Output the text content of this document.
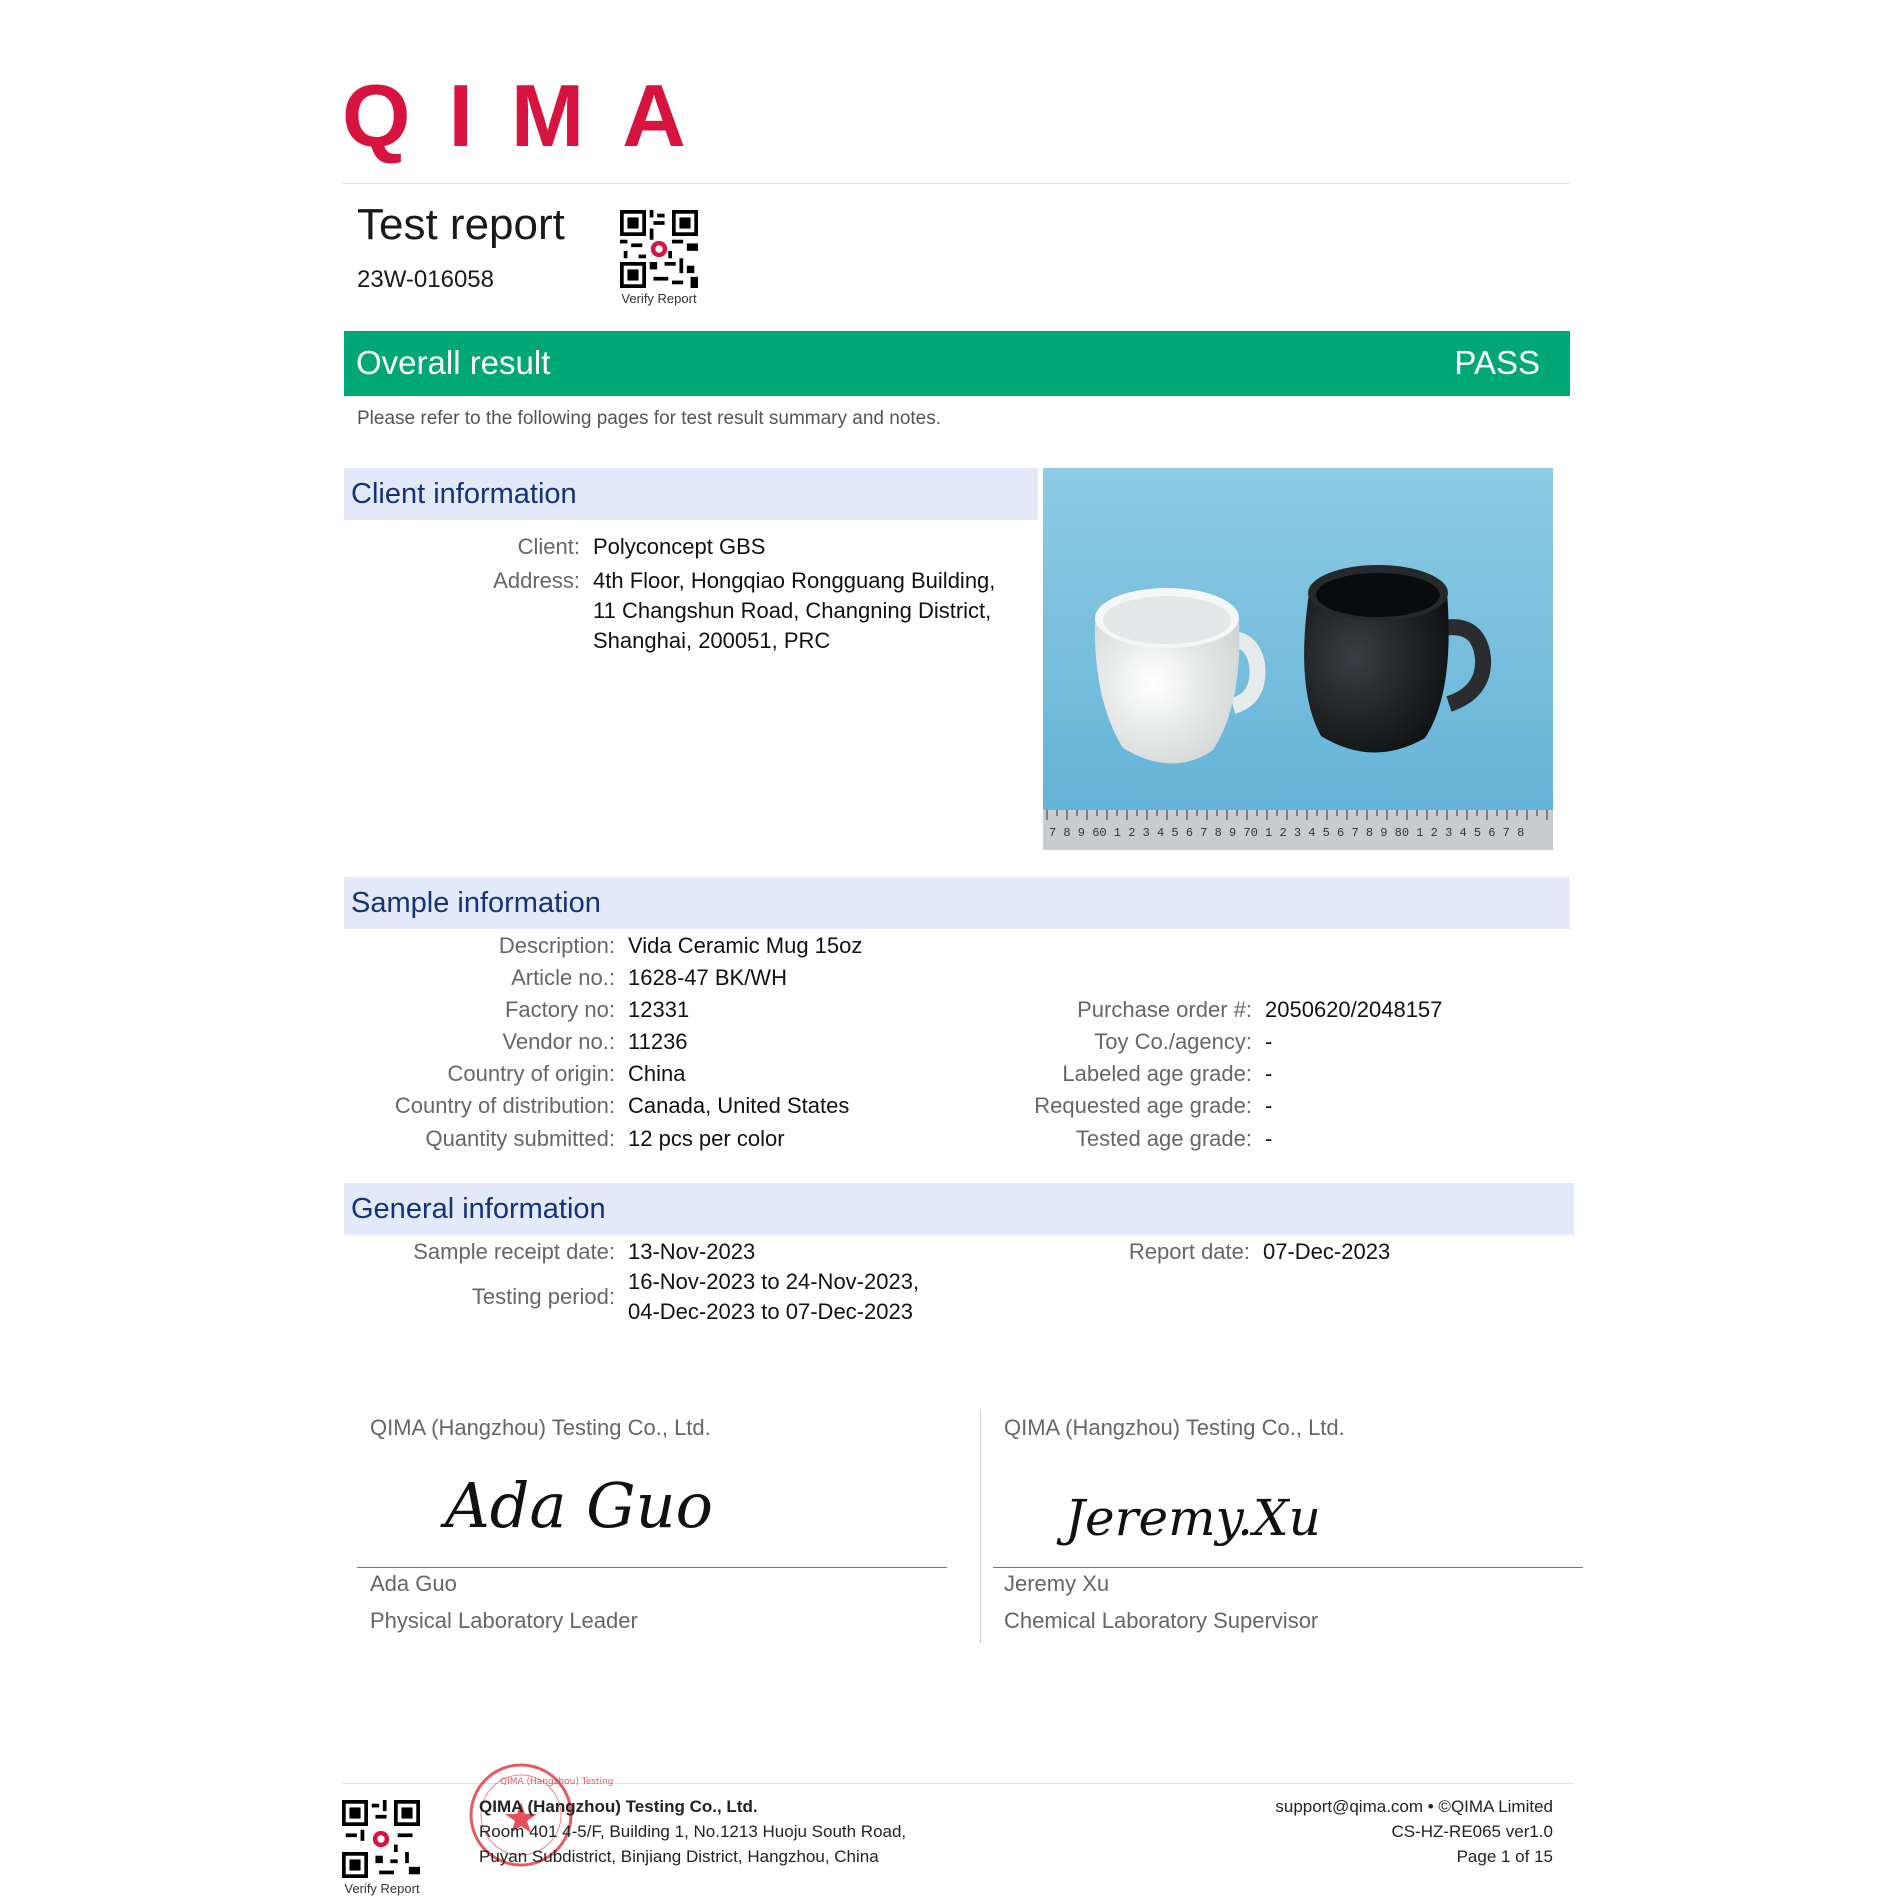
QIMA
Test report
23W-016058
Verify Report
Overall result	PASS
Please refer to the following pages for test result summary and notes.
Client information
Client: Polyconcept GBS
Address: 4th Floor, Hongqiao Rongguang Building,
11 Changshun Road, Changning District,
Shanghai, 200051, PRC
7 8 9 60 1 2 3 4 5 6 7 8 9 70 1 2 3 4 5 6 7 8 9 80 1 2 3 4 5 6 7 8
Sample information
Description: Vida Ceramic Mug 15oz
Article no.: 1628-47 BK/WH
Factory no: 12331
Vendor no.: 11236
Country of origin: China
Country of distribution: Canada, United States
Quantity submitted: 12 pcs per color
Purchase order #: 2050620/2048157
Toy Co./agency: -
Labeled age grade: -
Requested age grade: -
Tested age grade: -
General information
Sample receipt date: 13-Nov-2023
Testing period:
16-Nov-2023 to 24-Nov-2023,
04-Dec-2023 to 07-Dec-2023
Report date: 07-Dec-2023
QIMA (Hangzhou) Testing Co., Ltd.
Ada Guo
Ada Guo
Physical Laboratory Leader
QIMA (Hangzhou) Testing Co., Ltd.
Jeremy.Xu
Jeremy Xu
Chemical Laboratory Supervisor
Verify Report
QIMA (Hangzhou) Testing
QIMA (Hangzhou) Testing Co., Ltd.
Room 401 4-5/F, Building 1, No.1213 Huoju South Road,
Puyan Subdistrict, Binjiang District, Hangzhou, China
support@qima.com • ©QIMA Limited
CS-HZ-RE065 ver1.0
Page 1 of 15
